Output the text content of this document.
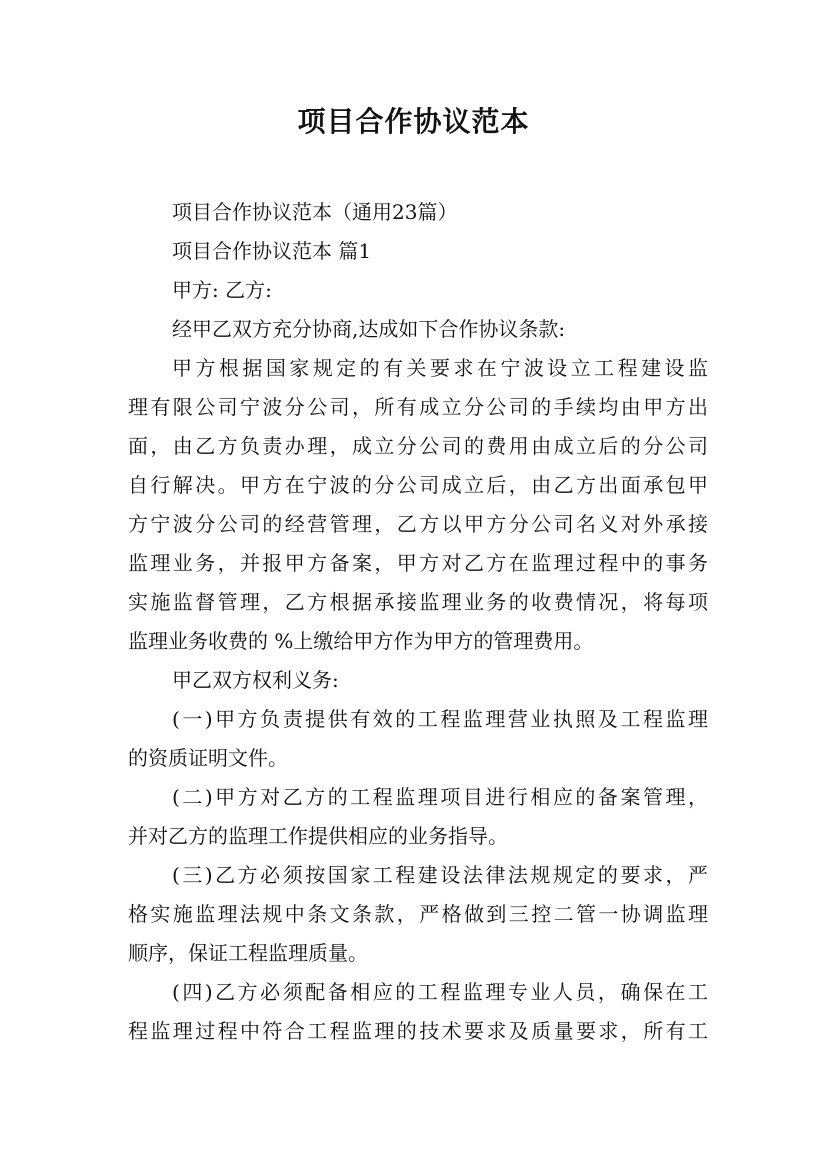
项目合作协议范本
项目合作协议范本（通用23篇）
项目合作协议范本 篇1
甲方: 乙方:
经甲乙双方充分协商,达成如下合作协议条款:
甲方根据国家规定的有关要求在宁波设立工程建设监
理有限公司宁波分公司，所有成立分公司的手续均由甲方出
面，由乙方负责办理，成立分公司的费用由成立后的分公司
自行解决。甲方在宁波的分公司成立后，由乙方出面承包甲
方宁波分公司的经营管理，乙方以甲方分公司名义对外承接
监理业务，并报甲方备案，甲方对乙方在监理过程中的事务
实施监督管理，乙方根据承接监理业务的收费情况，将每项
监理业务收费的 %上缴给甲方作为甲方的管理费用。
甲乙双方权利义务:
(一)甲方负责提供有效的工程监理营业执照及工程监理
的资质证明文件。
(二)甲方对乙方的工程监理项目进行相应的备案管理，
并对乙方的监理工作提供相应的业务指导。
(三)乙方必须按国家工程建设法律法规规定的要求，严
格实施监理法规中条文条款，严格做到三控二管一协调监理
顺序，保证工程监理质量。
(四)乙方必须配备相应的工程监理专业人员，确保在工
程监理过程中符合工程监理的技术要求及质量要求，所有工
